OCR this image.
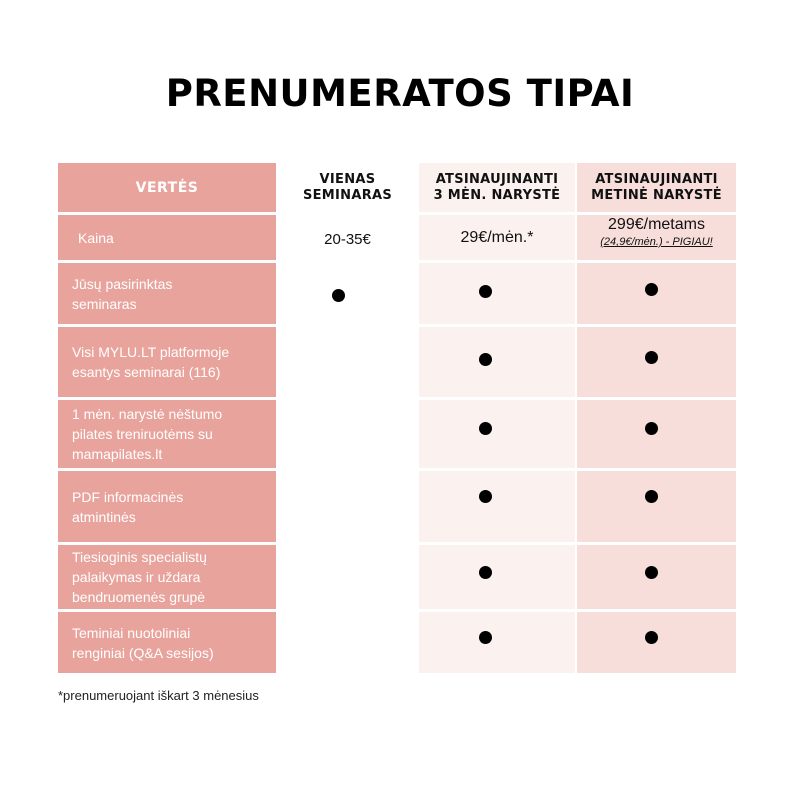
PRENUMERATOS TIPAI
VERTĖS
VIENAS
SEMINARAS
ATSINAUJINANTI
3 MĖN. NARYSTĖ
ATSINAUJINANTI
METINĖ NARYSTĖ
Kaina	20-35€	29€/mėn.*
299€/metams
(24,9€/mėn.) - PIGIAU!
Jūsų pasirinktas
seminaras
Visi MYLU.LT platformoje
esantys seminarai (116)
1 mėn. narystė nėštumo
pilates treniruotėms su
mamapilates.lt
PDF informacinės
atmintinės
Tiesioginis specialistų
palaikymas ir uždara
bendruomenės grupė
Teminiai nuotoliniai
renginiai (Q&A sesijos)
*prenumeruojant iškart 3 mėnesius
